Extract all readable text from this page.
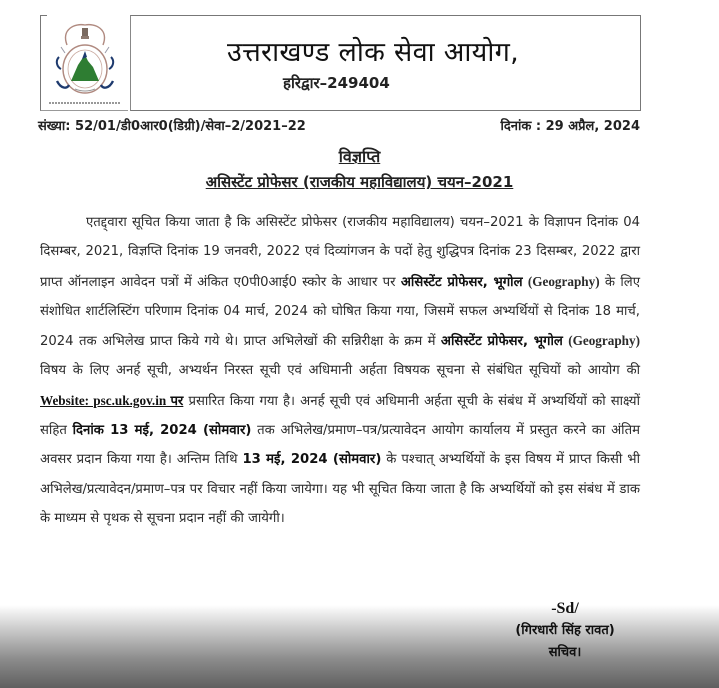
उत्तराखण्ड लोक सेवा आयोग,
हरिद्वार–249404
संख्या: 52/01/डी0आर0(डिग्री)/सेवा–2/2021–22	दिनांक : 29 अप्रैल, 2024
विज्ञप्ति
असिस्टेंट प्रोफेसर (राजकीय महाविद्यालय) चयन–2021

एतद्द्वारा सूचित किया जाता है कि असिस्टेंट प्रोफेसर (राजकीय महाविद्यालय) चयन–2021 के विज्ञापन दिनांक 04 दिसम्बर, 2021, विज्ञप्ति दिनांक 19 जनवरी, 2022 एवं दिव्यांगजन के पदों हेतु शुद्धिपत्र दिनांक 23 दिसम्बर, 2022 द्वारा प्राप्त ऑनलाइन आवेदन पत्रों में अंकित ए0पी0आई0 स्कोर के आधार पर असिस्टेंट प्रोफेसर, भूगोल (Geography) के लिए संशोधित शार्टलिस्टिंग परिणाम दिनांक 04 मार्च, 2024 को घोषित किया गया, जिसमें सफल अभ्यर्थियों से दिनांक 18 मार्च, 2024 तक अभिलेख प्राप्त किये गये थे। प्राप्त अभिलेखों की सन्निरीक्षा के क्रम में असिस्टेंट प्रोफेसर, भूगोल (Geography) विषय के लिए अनर्ह सूची, अभ्यर्थन निरस्त सूची एवं अधिमानी अर्हता विषयक सूचना से संबंधित सूचियों को आयोग की Website: psc.uk.gov.in पर प्रसारित किया गया है। अनर्ह सूची एवं अधिमानी अर्हता सूची के संबंध में अभ्यर्थियों को साक्ष्यों सहित दिनांक 13 मई, 2024 (सोमवार) तक अभिलेख/प्रमाण–पत्र/प्रत्यावेदन आयोग कार्यालय में प्रस्तुत करने का अंतिम अवसर प्रदान किया गया है। अन्तिम तिथि 13 मई, 2024 (सोमवार) के पश्चात् अभ्यर्थियों के इस विषय में प्राप्त किसी भी अभिलेख/प्रत्यावेदन/प्रमाण–पत्र पर विचार नहीं किया जायेगा। यह भी सूचित किया जाता है कि अभ्यर्थियों को इस संबंध में डाक के माध्यम से पृथक से सूचना प्रदान नहीं की जायेगी।

-Sd/
(गिरधारी सिंह रावत)
सचिव।
